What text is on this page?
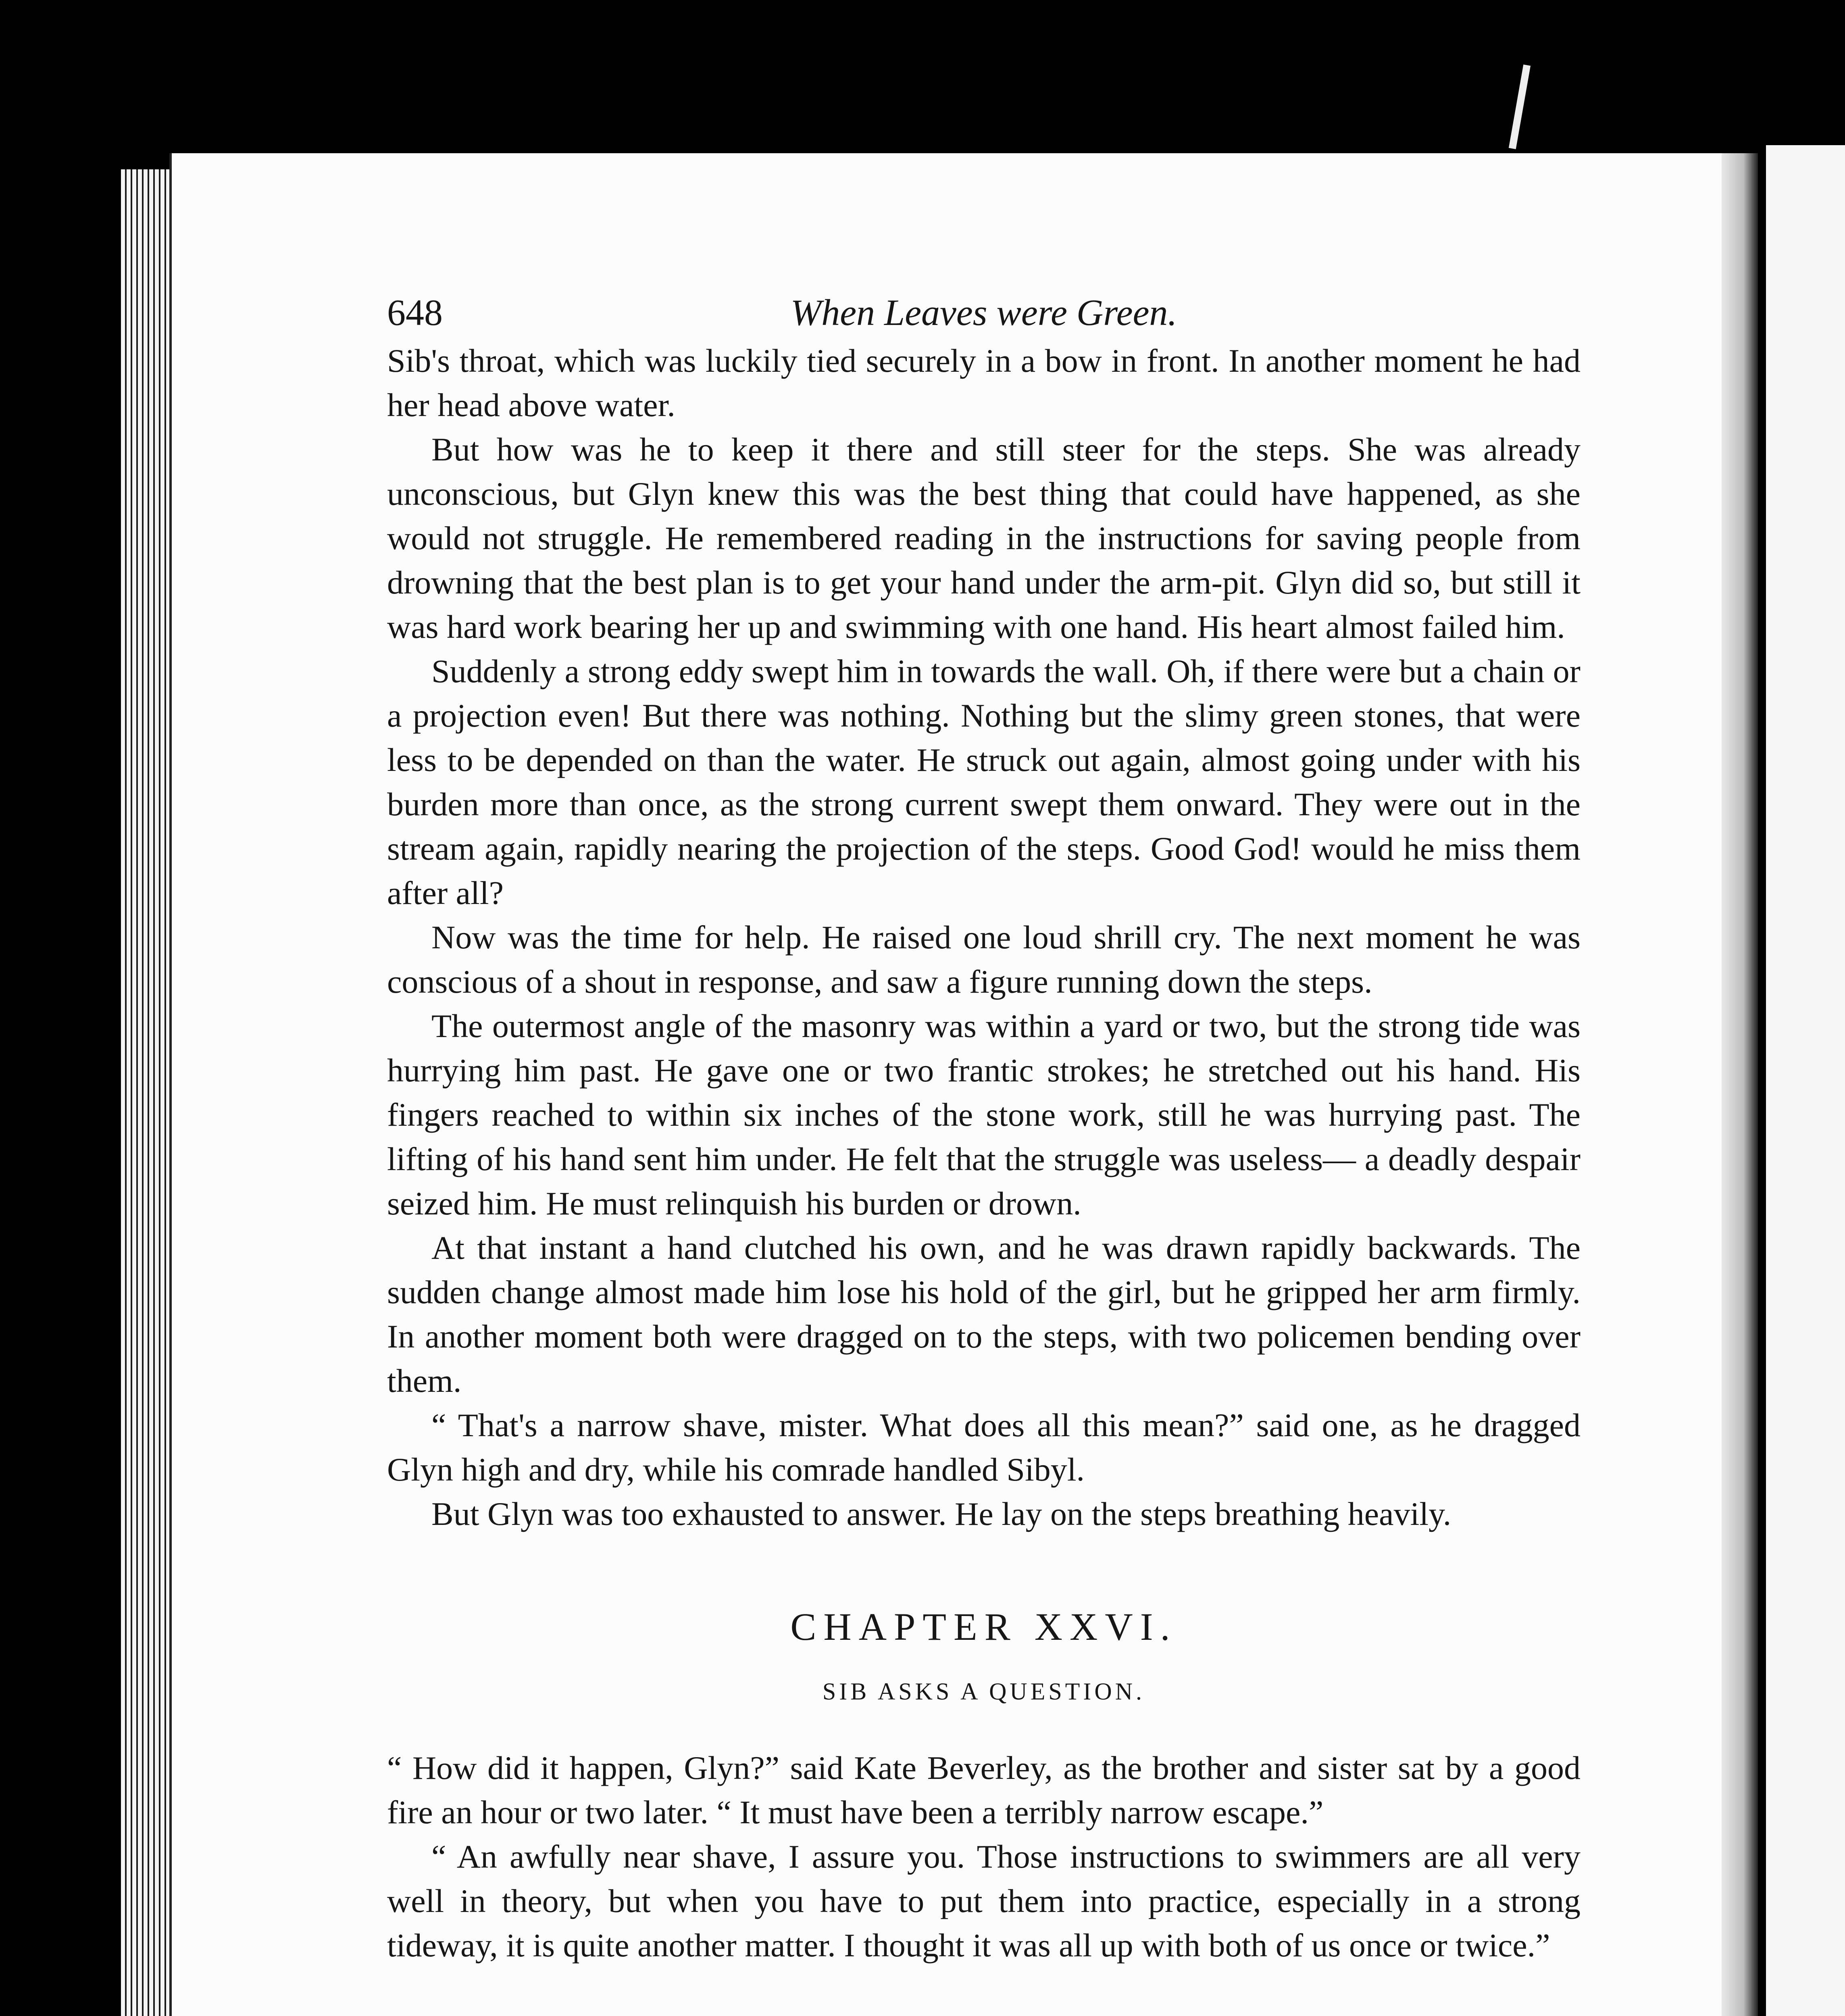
648	When Leaves were Green.

Sib's throat, which was luckily tied securely in a bow in front. In another moment he had her head above water.

But how was he to keep it there and still steer for the steps. She was already unconscious, but Glyn knew this was the best thing that could have happened, as she would not struggle. He remembered reading in the instructions for saving people from drowning that the best plan is to get your hand under the arm-pit. Glyn did so, but still it was hard work bearing her up and swimming with one hand. His heart almost failed him.

Suddenly a strong eddy swept him in towards the wall. Oh, if there were but a chain or a projection even! But there was nothing. Nothing but the slimy green stones, that were less to be depended on than the water. He struck out again, almost going under with his burden more than once, as the strong current swept them onward. They were out in the stream again, rapidly nearing the projection of the steps. Good God! would he miss them after all?

Now was the time for help. He raised one loud shrill cry. The next moment he was conscious of a shout in response, and saw a figure running down the steps.

The outermost angle of the masonry was within a yard or two, but the strong tide was hurrying him past. He gave one or two frantic strokes; he stretched out his hand. His fingers reached to within six inches of the stone work, still he was hurrying past. The lifting of his hand sent him under. He felt that the struggle was useless— a deadly despair seized him. He must relinquish his burden or drown.

At that instant a hand clutched his own, and he was drawn rapidly backwards. The sudden change almost made him lose his hold of the girl, but he gripped her arm firmly. In another moment both were dragged on to the steps, with two policemen bending over them.

“ That's a narrow shave, mister. What does all this mean?” said one, as he dragged Glyn high and dry, while his comrade handled Sibyl.

But Glyn was too exhausted to answer. He lay on the steps breathing heavily.

CHAPTER XXVI.
SIB ASKS A QUESTION.

“ How did it happen, Glyn?” said Kate Beverley, as the brother and sister sat by a good fire an hour or two later. “ It must have been a terribly narrow escape.”

“ An awfully near shave, I assure you. Those instructions to swimmers are all very well in theory, but when you have to put them into practice, especially in a strong tideway, it is quite another matter. I thought it was all up with both of us once or twice.”
